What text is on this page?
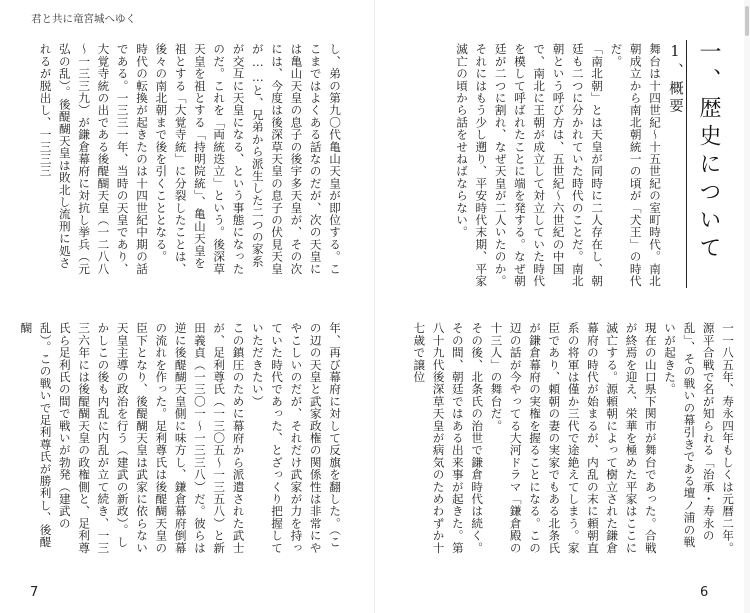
君と共に竜宮城へゆく
し、弟の第九〇代亀山天皇が即位する。ここまではよくある話なのだが、次の天皇には亀山天皇の息子の後宇多天皇が、その次には、今度は後深草天皇の息子の伏見天皇が……と、兄弟から派生した二つの家系が交互に天皇になる、という事態になったのだ。これを「両統迭立」という。後深草天皇を祖とする「持明院統」、亀山天皇を祖とする「大覚寺統」に分裂したことは、後々の南北朝まで後を引くこととなる。
時代の転換が起きたのは十四世紀中期の話である。一三三一年、当時の天皇であり、大覚寺統の出である後醍醐天皇（一二八八～一三三九）が鎌倉幕府に対抗し挙兵（元弘の乱）。後醍醐天皇は敗北し流刑に処されるが脱出し、一三三三
年、再び幕府に対して反旗を翻した。（この辺の天皇と武家政権の関係性は非常にややこしいのだが、それだけ武家が力を持っていた時代であった、とざっくり把握していただきたい）
この鎮圧のために幕府から派遣された武士が、足利尊氏（一三〇五～一三五八）と新田義貞（一三〇一～一三三八）だ。彼らは逆に後醍醐天皇側に味方し、鎌倉幕府倒幕の流れを作った。足利尊氏は後醍醐天皇の臣下となり、後醍醐天皇は武家に依らない天皇主導の政治を行う（建武の新政）。しかしこの後も内乱に内乱が立て続き、一三三六年には後醍醐天皇の政権側と、足利尊氏ら足利氏の間で戦いが勃発（建武の乱）。この戦いで足利尊氏が勝利し、後醍醐
7
一、歴史について
1、概要
舞台は十四世紀～十五世紀の室町時代。南北朝成立から南北朝統一の頃が「犬王」の時代だ。
「南北朝」とは天皇が同時に二人存在し、朝廷も二つに分かれていた時代のことだ。南北朝という呼び方は、五世紀～六世紀の中国で、南北に王朝が成立して対立していた時代を模して呼ばれたことに端を発する。なぜ朝廷が二つに割れ、なぜ天皇が二人いたのか。それにはもう少し遡り、平安時代末期、平家滅亡の頃から話をせねばならない。
一一八五年、寿永四年もしくは元暦二年。源平合戦で名が知られる「治承・寿永の乱」、その戦いの幕引きである壇ノ浦の戦いが起きた。
現在の山口県下関市が舞台であった。合戦が終焉を迎え、栄華を極めた平家はここに滅亡する。源頼朝によって樹立された鎌倉幕府の時代が始まるが、内乱の末に頼朝直系の将軍は僅か三代で途絶えてしまう。家臣であり、頼朝の妻の実家でもある北条氏が鎌倉幕府の実権を握ることになる。この辺の話が今やってる大河ドラマ「鎌倉殿の十三人」の舞台だ。
その後、北条氏の治世で鎌倉時代は続く。その間、朝廷ではある出来事が起きた。第八十九代後深草天皇が病気のためわずか十七歳で譲位
6
